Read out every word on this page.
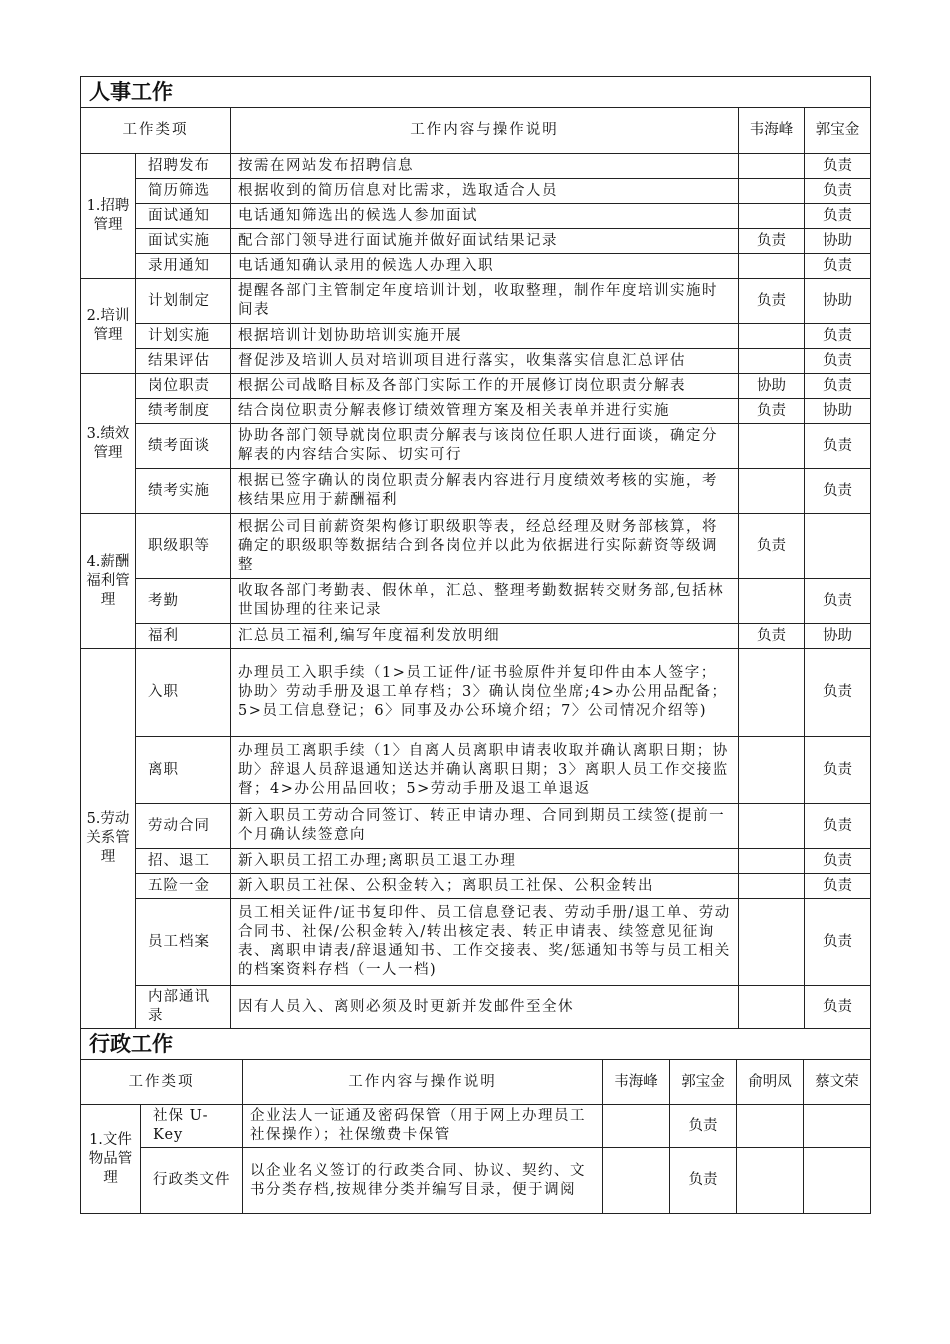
人事工作				
工作类项		工作内容与操作说明	韦海峰	郭宝金
1.招聘管理	招聘发布	按需在网站发布招聘信息		负责
	简历筛选	根据收到的简历信息对比需求，选取适合人员		负责
	面试通知	电话通知筛选出的候选人参加面试		负责
	面试实施	配合部门领导进行面试施并做好面试结果记录	负责	协助
	录用通知	电话通知确认录用的候选人办理入职		负责
2.培训管理	计划制定	提醒各部门主管制定年度培训计划，收取整理，制作年度培训实施时间表	负责	协助
	计划实施	根据培训计划协助培训实施开展		负责
	结果评估	督促涉及培训人员对培训项目进行落实，收集落实信息汇总评估		负责
3.绩效管理	岗位职责	根据公司战略目标及各部门实际工作的开展修订岗位职责分解表	协助	负责
	绩考制度	结合岗位职责分解表修订绩效管理方案及相关表单并进行实施	负责	协助
	绩考面谈	协助各部门领导就岗位职责分解表与该岗位任职人进行面谈，确定分解表的内容结合实际、切实可行		负责
	绩考实施	根据已签字确认的岗位职责分解表内容进行月度绩效考核的实施，考核结果应用于薪酬福利		负责
4.薪酬福利管理	职级职等	根据公司目前薪资架构修订职级职等表，经总经理及财务部核算，将确定的职级职等数据结合到各岗位并以此为依据进行实际薪资等级调整	负责	
	考勤	收取各部门考勤表、假休单，汇总、整理考勤数据转交财务部,包括林世国协理的往来记录		负责
	福利	汇总员工福利,编写年度福利发放明细	负责	协助
5.劳动关系管理	入职	办理员工入职手续（1>员工证件/证书验原件并复印件由本人签字；协助〉劳动手册及退工单存档；3〉确认岗位坐席;4>办公用品配备；5>员工信息登记；6〉同事及办公环境介绍；7〉公司情况介绍等)		负责
	离职	办理员工离职手续（1〉自离人员离职申请表收取并确认离职日期；协助〉辞退人员辞退通知送达并确认离职日期；3〉离职人员工作交接监督；4>办公用品回收；5>劳动手册及退工单退返		负责
	劳动合同	新入职员工劳动合同签订、转正申请办理、合同到期员工续签(提前一个月确认续签意向		负责
	招、退工	新入职员工招工办理;离职员工退工办理		负责
	五险一金	新入职员工社保、公积金转入；离职员工社保、公积金转出		负责
	员工档案	员工相关证件/证书复印件、员工信息登记表、劳动手册/退工单、劳动合同书、社保/公积金转入/转出核定表、转正申请表、续签意见征询表、离职申请表/辞退通知书、工作交接表、奖/惩通知书等与员工相关的档案资料存档（一人一档)		负责
	内部通讯录	因有人员入、离则必须及时更新并发邮件至全休		负责
行政工作						
工作类项		工作内容与操作说明	韦海峰	郭宝金	俞明凤	蔡文荣
1.文件物品管理	社保 U-Key	企业法人一证通及密码保管（用于网上办理员工社保操作）；社保缴费卡保管		负责		
	行政类文件	以企业名义签订的行政类合同、协议、契约、文书分类存档,按规律分类并编写目录，便于调阅		负责		
